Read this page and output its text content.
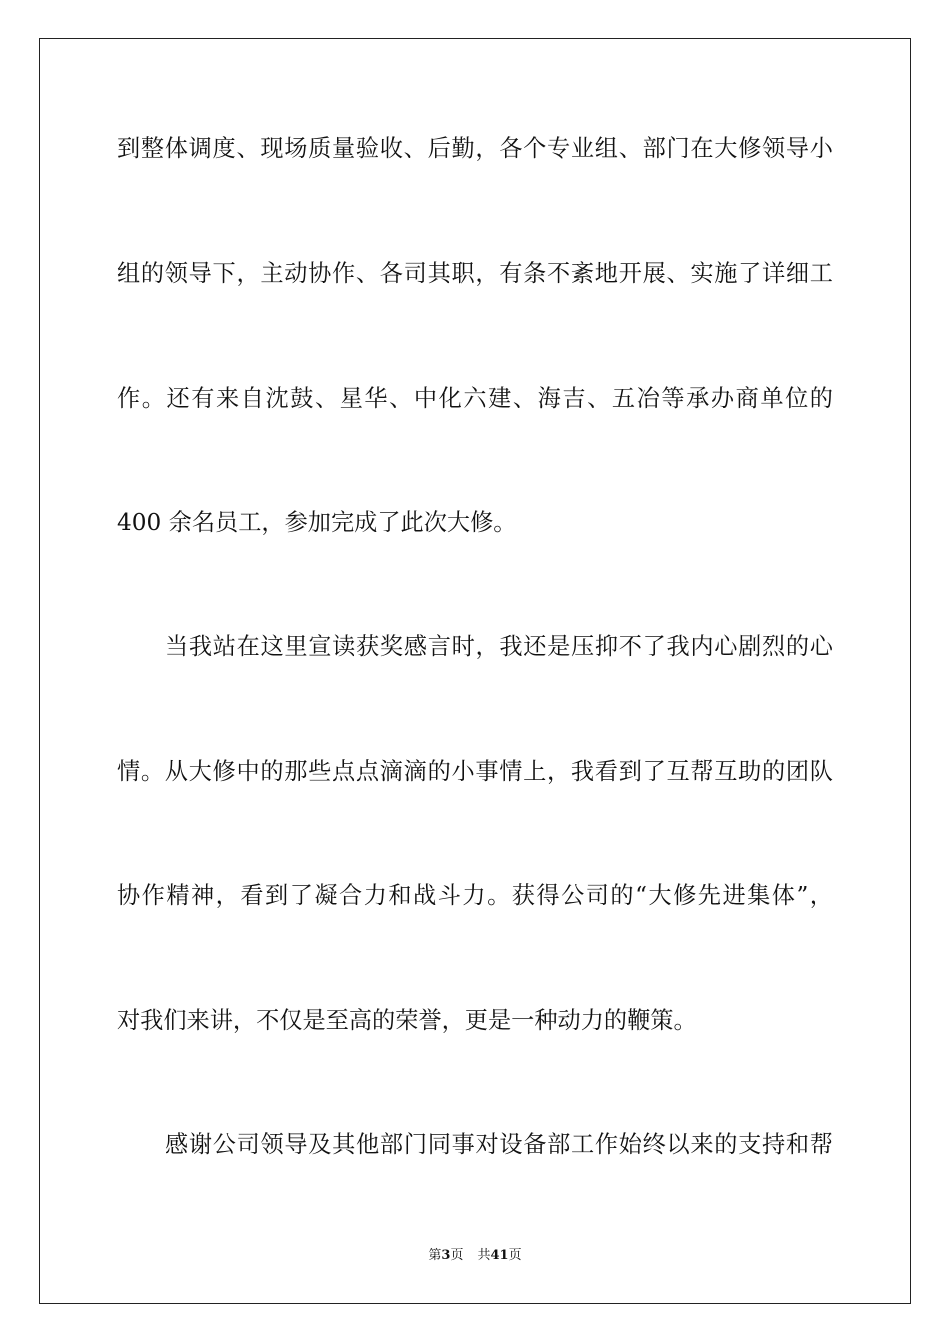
到整体调度、现场质量验收、后勤，各个专业组、部门在大修领导小
组的领导下，主动协作、各司其职，有条不紊地开展、实施了详细工
作。还有来自沈鼓、星华、中化六建、海吉、五冶等承办商单位的
400 余名员工，参加完成了此次大修。
当我站在这里宣读获奖感言时，我还是压抑不了我内心剧烈的心
情。从大修中的那些点点滴滴的小事情上，我看到了互帮互助的团队
协作精神，看到了凝合力和战斗力。获得公司的“大修先进集体”，
对我们来讲，不仅是至高的荣誉，更是一种动力的鞭策。
感谢公司领导及其他部门同事对设备部工作始终以来的支持和帮
第3页 共41页
